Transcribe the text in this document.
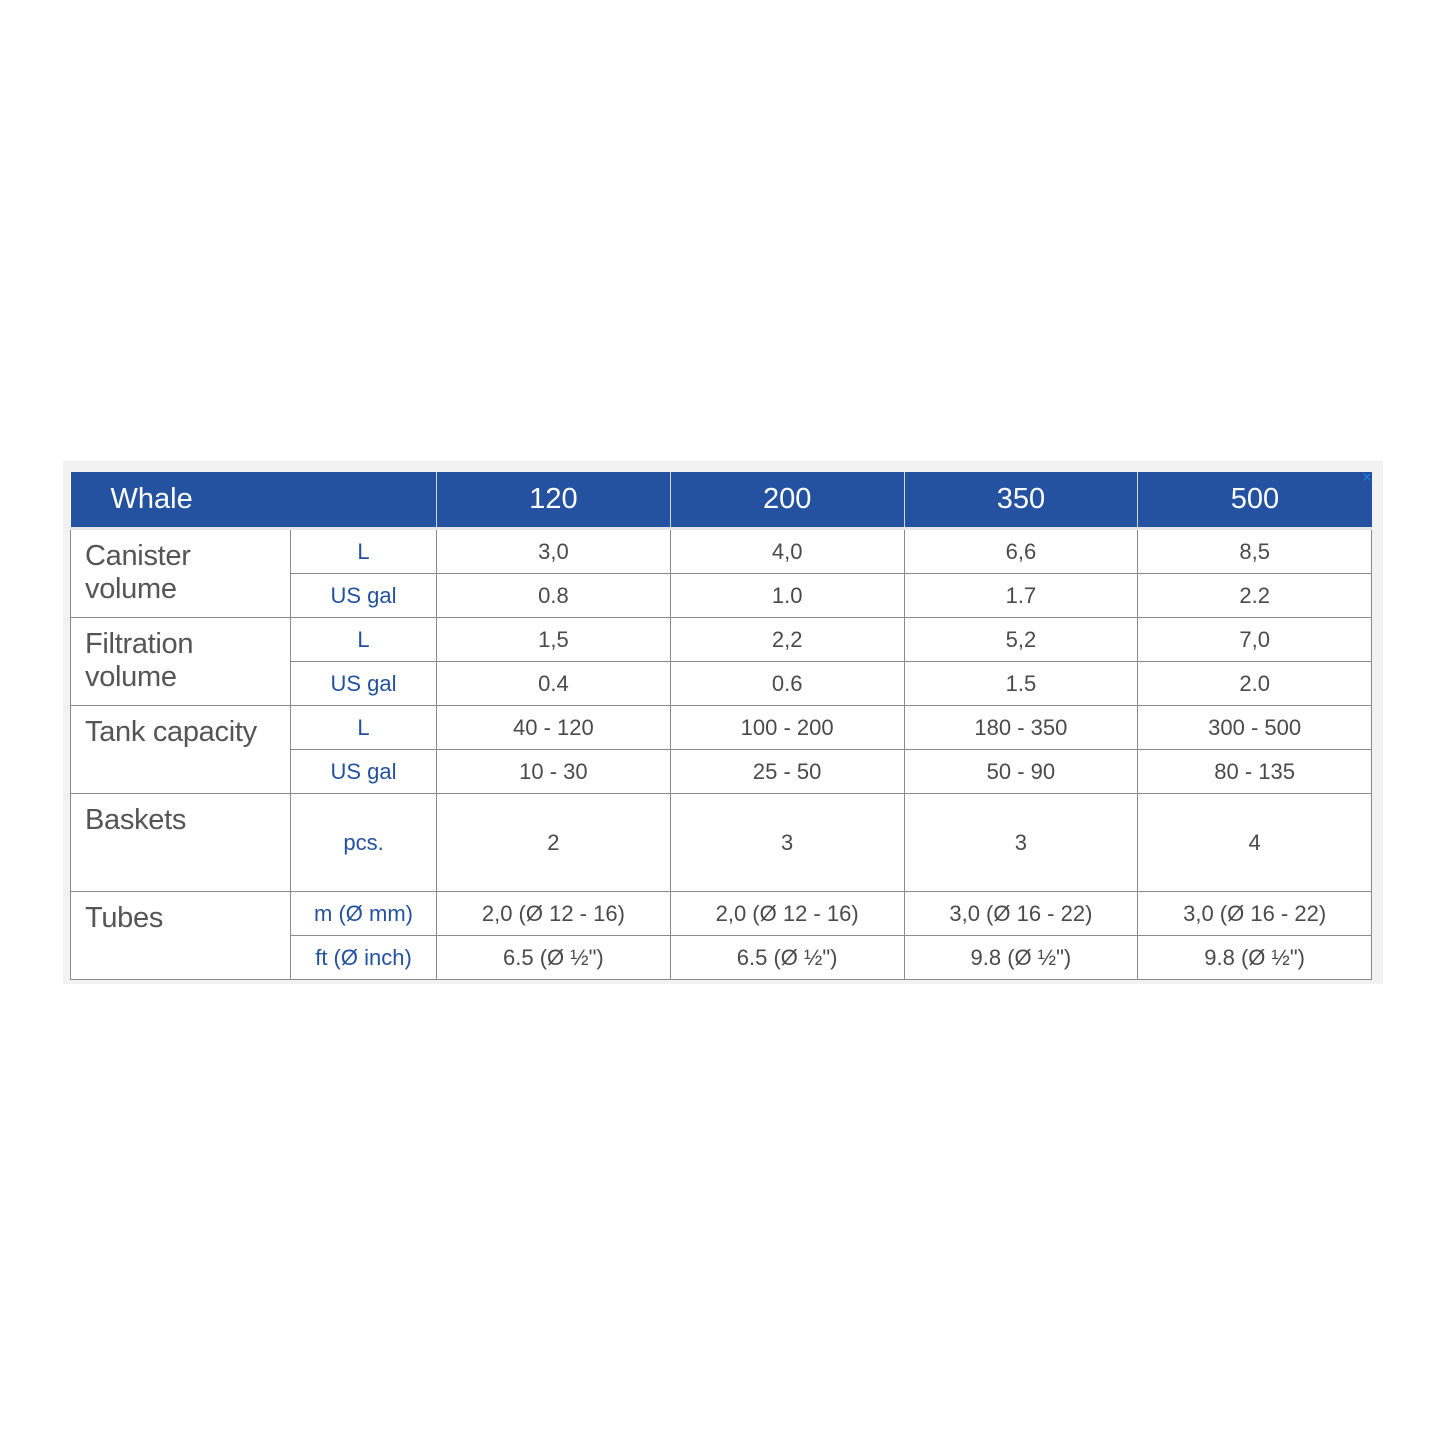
Whale		120	200	350	500
Canister volume	L	3,0	4,0	6,6	8,5
	US gal	0.8	1.0	1.7	2.2
Filtration volume	L	1,5	2,2	5,2	7,0
	US gal	0.4	0.6	1.5	2.0
Tank capacity	L	40 - 120	100 - 200	180 - 350	300 - 500
	US gal	10 - 30	25 - 50	50 - 90	80 - 135
Baskets	pcs.	2	3	3	4
Tubes	m (Ø mm)	2,0 (Ø 12 - 16)	2,0 (Ø 12 - 16)	3,0 (Ø 16 - 22)	3,0 (Ø 16 - 22)
	ft (Ø inch)	6.5 (Ø ½")	6.5 (Ø ½")	9.8 (Ø ½")	9.8 (Ø ½")
×
